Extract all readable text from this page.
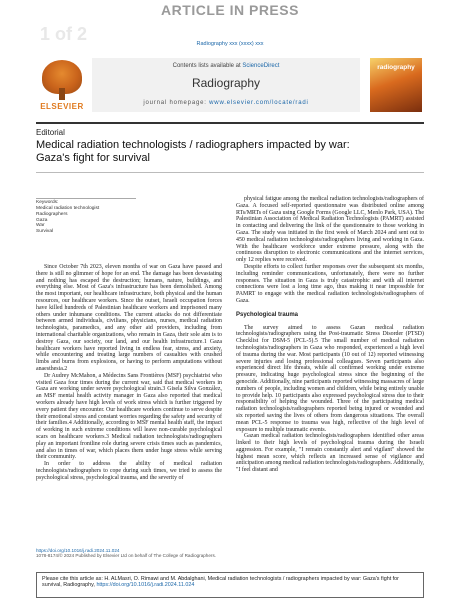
ARTICLE IN PRESS
1 of 2	Radiography xxx (xxxx) xxx
ELSEVIER
Contents lists available at ScienceDirect
Radiography
journal homepage: www.elsevier.com/locate/radi
radiography
Editorial
Medical radiation technologists / radiographers impacted by war: Gaza's fight for survival
Keywords:
Medical radiation technologist
Radiographers
Gaza
War
Survival

Since October 7th 2023, eleven months of war on Gaza have passed and there is still no glimmer of hope for an end. The damage has been devastating and nothing has escaped the destruction; humans, nature, buildings, and everything else. Most of Gaza's infrastructure has been demolished. Among the most important, our healthcare infrastructure, both physical and the human resources, our healthcare workers. Since the outset, Israeli occupation forces have killed hundreds of Palestinian healthcare workers and imprisoned many others under inhumane conditions. The current attacks do not differentiate between armed individuals, civilians, physicians, nurses, medical radiation technologists, paramedics, and any other aid providers, including from international charitable organizations, who remain in Gaza, their sole aim is to destroy Gaza, our society, our land, and our health infrastructure.1 Gaza healthcare workers have reported living in endless fear, stress, and anxiety, while encountering and treating large numbers of casualties with crushed limbs and burns from explosions, or having to perform amputations without anaesthesia.2

Dr Audrey McMahon, a Médecins Sans Frontières (MSF) psychiatrist who visited Gaza four times during the current war, said that medical workers in Gaza are working under severe psychological strain.3 Gisela Silva González, an MSF mental health activity manager in Gaza also reported that medical workers already have high levels of work stress which is further triggered by every patient they encounter. Our healthcare workers continue to serve despite their emotional stress and constant worries regarding the safety and security of their families.4 Additionally, according to MSF mental health staff, the impact of working in such extreme conditions will leave non-curable psychological scars on healthcare workers.3 Medical radiation technologists/radiographers play an important frontline role during severe crisis times such as pandemics, and also in times of war, which places them under huge stress while serving their community.

In order to address the ability of medical radiation technologists/radiographers to cope during such times, we tried to assess the psychological stress, psychological trauma, and the severity of

physical fatigue among the medical radiation technologists/radiographers of Gaza. A focused self-reported questionnaire was distributed online among RTs/MRTs of Gaza using Google Forms (Google LLC, Menlo Park, USA). The Palestinian Association of Medical Radiation Technologists (PAMRT) assisted in contacting and delivering the link of the questionnaire to those working in Gaza. The study was initiated in the first week of March 2024 and sent out to 450 medical radiation technologists/radiographers living and working in Gaza. With the healthcare workforce under extreme pressure, along with the continuous disruption to electronic communications and the internet services, only 12 replies were received.

Despite efforts to collect further responses over the subsequent six months, including reminder communications, unfortunately, there were no further responses. The situation in Gaza is truly catastrophic and with all internet connections were lost a long time ago, thus making it near impossible for PAMRT to engage with the medical radiation technologists/radiographers of Gaza.

Psychological trauma

The survey aimed to assess Gazan medical radiation technologists/radiographers using the Post-traumatic Stress Disorder (PTSD) Checklist for DSM-5 (PCL-5).5 The small number of medical radiation technologists/radiographers in Gaza who responded, experienced a high level of trauma during the war. Most participants (10 out of 12) reported witnessing severe injuries and losing professional colleagues. Seven participants also experienced direct life threats, while all confirmed working under extreme pressure, indicating huge psychological stress since the beginning of the genocide. Additionally, nine participants reported witnessing massacres of large numbers of people, including women and children, while being entirely unable to provide help. 10 participants also expressed psychological stress due to their responsibility of helping the wounded. Three of the participating medical radiation technologists/radiographers reported being injured or wounded and six reported saving the lives of others from dangerous situations. The overall mean PCL-5 response to trauma was high, reflective of the high level of exposure to multiple traumatic events.

Gazan medical radiation technologists/radiographers identified other areas linked to their high levels of psychological trauma during the Israeli aggression. For example, "I remain constantly alert and vigilant" showed the highest mean score, which reflects an increased sense of vigilance and anticipation among medical radiation technologists/radiographers. Additionally, "I feel distant and

https://doi.org/10.1016/j.radi.2024.11.024
1078-8174/© 2024 Published by Elsevier Ltd on behalf of The College of Radiographers.
Please cite this article as: H. ALMasri, O. Rimawi and M. Abdalghani, Medical radiation technologists / radiographers impacted by war: Gaza's fight for survival, Radiography, https://doi.org/10.1016/j.radi.2024.11.024
